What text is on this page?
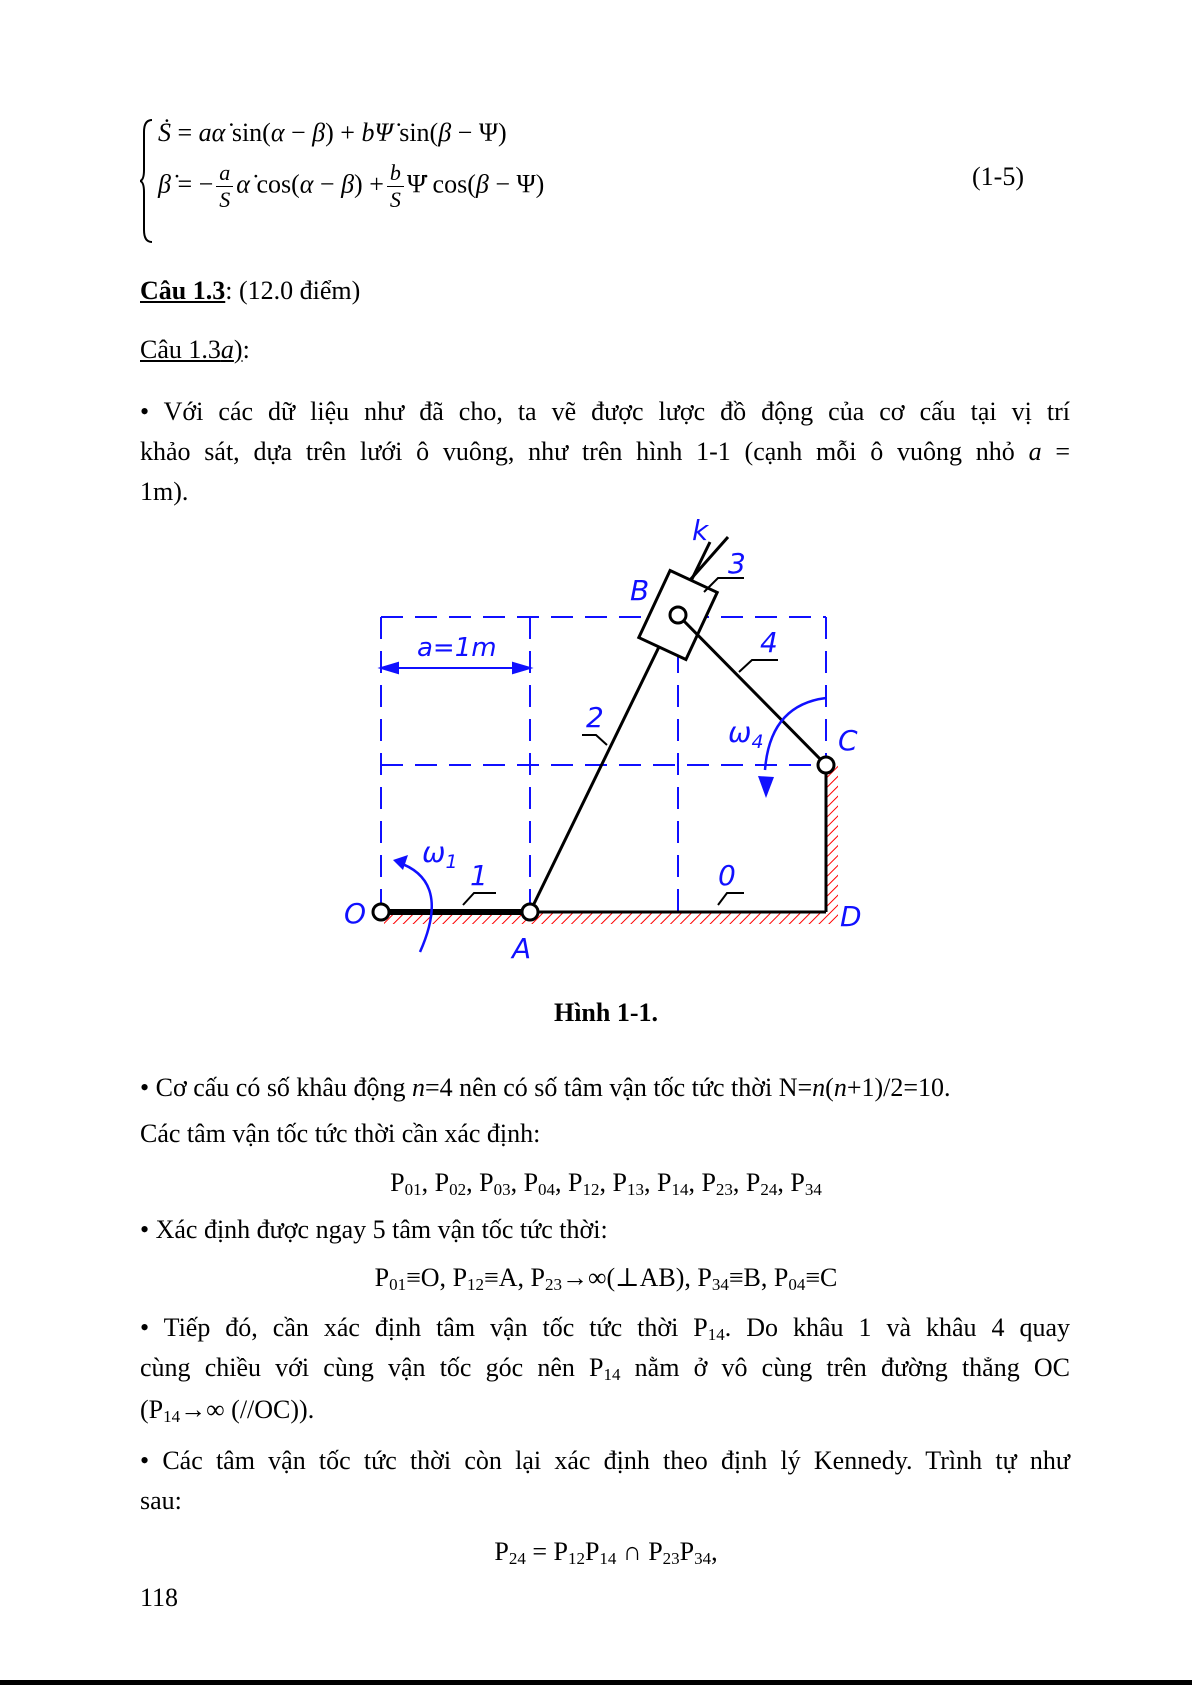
Ṡ = aα̇ sin(α − β) + bΨ̇ sin(β − Ψ)
β̇ = − $\frac{a}{S}$ α̇ $\cos(\alpha - \beta) + \frac{b}{S}$ Ψ̇ cos(β − Ψ)	(1-5)
Câu 1.3: (12.0 điểm)
Câu 1.3a):
• Với các dữ liệu như đã cho, ta vẽ được lược đồ động của cơ cấu tại vị trí
khảo sát, dựa trên lưới ô vuông, như trên hình 1-1 (cạnh mỗi ô vuông nhỏ a =
1m).
a=1m
k
3
B
4
2	$\omega_4$	C
$\omega_1$ 1	0
O
A
D
Hình 1-1.
• Cơ cấu có số khâu động n=4 nên có số tâm vận tốc tức thời N=n(n+1)/2=10.
Các tâm vận tốc tức thời cần xác định:
$P_{01}$, $P_{02}$, $P_{03}$, $P_{04}$, $P_{12}$, $P_{13}$, $P_{14}$, $P_{23}$, $P_{24}$, $P_{34}$
• Xác định được ngay 5 tâm vận tốc tức thời:
$P_{01}\equiv O$, $P_{12}\equiv A$, $P_{23}\to\infty(\perp AB)$, $P_{34}\equiv B$, $P_{04}\equiv C$
• Tiếp đó, cần xác định tâm vận tốc tức thời $P_{14}$. Do khâu 1 và khâu 4 quay
cùng chiều với cùng vận tốc góc nên $P_{14}$ nằm ở vô cùng trên đường thẳng OC
($P_{14}\to\infty$ (//OC)).
• Các tâm vận tốc tức thời còn lại xác định theo định lý Kennedy. Trình tự như
sau:
$P_{24} = P_{12}P_{14}$ ∩ $P_{23}P_{34}$,
118
